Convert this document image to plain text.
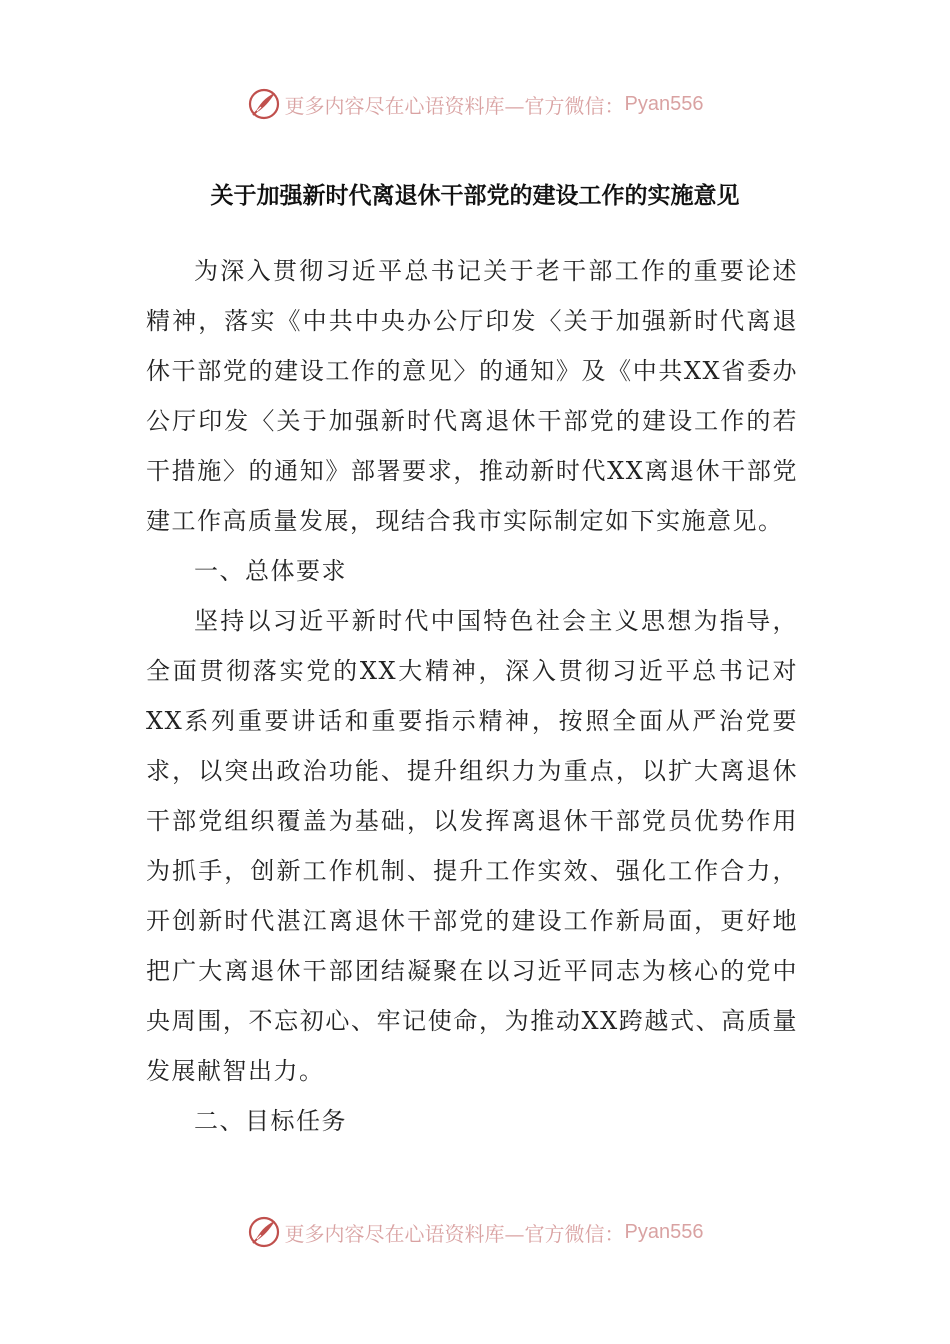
更多内容尽在心语资料库—官方微信： Pyan556
关于加强新时代离退休干部党的建设工作的实施意见

为深入贯彻习近平总书记关于老干部工作的重要论述精神，落实《中共中央办公厅印发〈关于加强新时代离退休干部党的建设工作的意见〉的通知》及《中共XX省委办公厅印发〈关于加强新时代离退休干部党的建设工作的若干措施〉的通知》部署要求，推动新时代XX离退休干部党建工作高质量发展，现结合我市实际制定如下实施意见。

一、总体要求

坚持以习近平新时代中国特色社会主义思想为指导，全面贯彻落实党的XX大精神，深入贯彻习近平总书记对XX系列重要讲话和重要指示精神，按照全面从严治党要求，以突出政治功能、提升组织力为重点，以扩大离退休干部党组织覆盖为基础，以发挥离退休干部党员优势作用为抓手，创新工作机制、提升工作实效、强化工作合力，开创新时代湛江离退休干部党的建设工作新局面，更好地把广大离退休干部团结凝聚在以习近平同志为核心的党中央周围，不忘初心、牢记使命，为推动XX跨越式、高质量发展献智出力。

二、目标任务

更多内容尽在心语资料库—官方微信： Pyan556
